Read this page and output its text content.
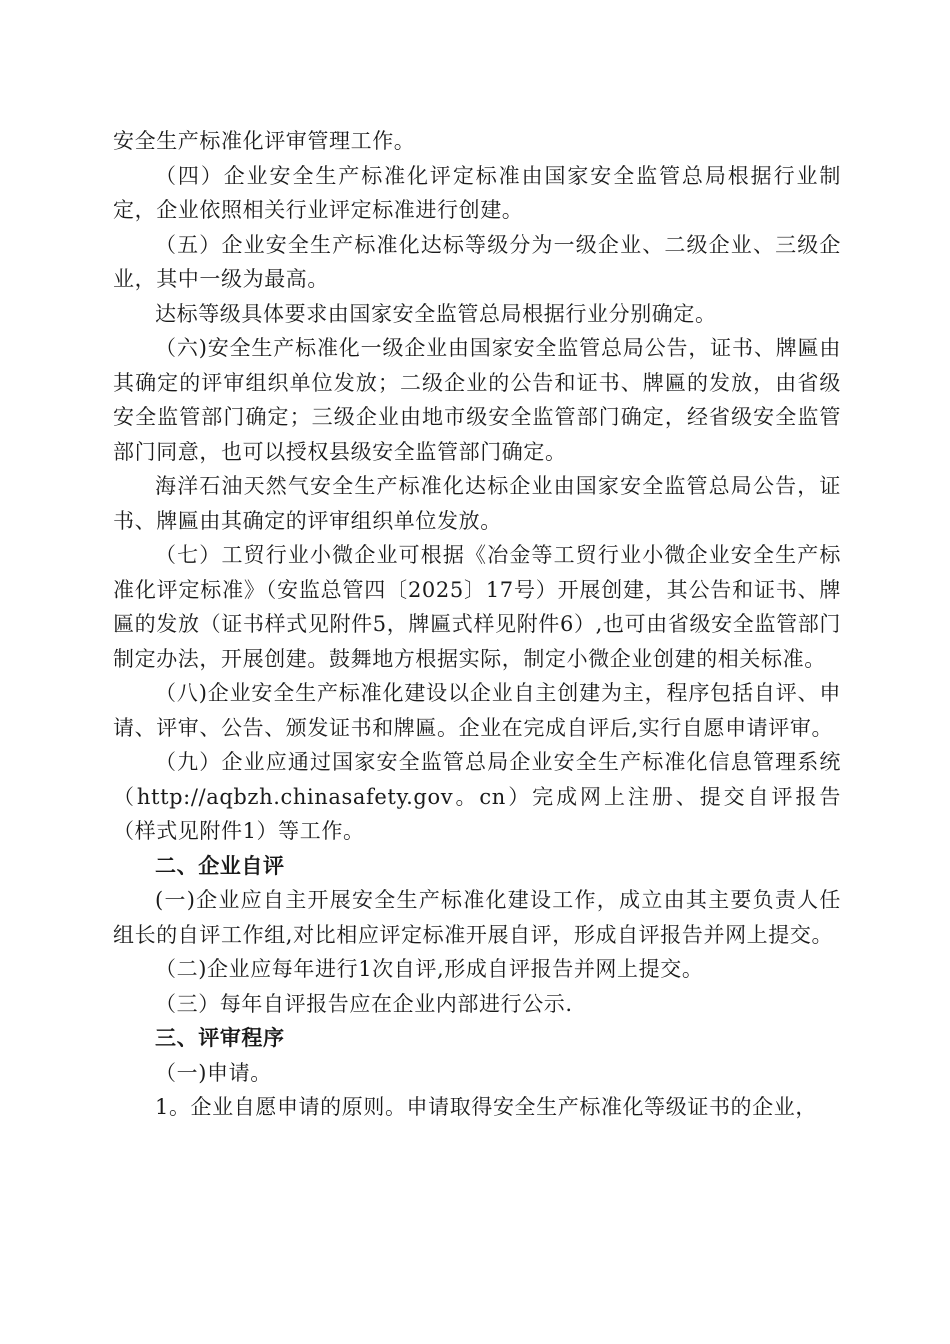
安全生产标准化评审管理工作。

（四）企业安全生产标准化评定标准由国家安全监管总局根据行业制定，企业依照相关行业评定标准进行创建。

（五）企业安全生产标准化达标等级分为一级企业、二级企业、三级企业，其中一级为最高。

达标等级具体要求由国家安全监管总局根据行业分别确定。

（六)安全生产标准化一级企业由国家安全监管总局公告，证书、牌匾由其确定的评审组织单位发放；二级企业的公告和证书、牌匾的发放，由省级安全监管部门确定；三级企业由地市级安全监管部门确定，经省级安全监管部门同意，也可以授权县级安全监管部门确定。

海洋石油天然气安全生产标准化达标企业由国家安全监管总局公告，证书、牌匾由其确定的评审组织单位发放。

（七）工贸行业小微企业可根据《冶金等工贸行业小微企业安全生产标准化评定标准》（安监总管四〔2025〕17号）开展创建，其公告和证书、牌匾的发放（证书样式见附件5，牌匾式样见附件6）,也可由省级安全监管部门制定办法，开展创建。鼓舞地方根据实际，制定小微企业创建的相关标准。

（八)企业安全生产标准化建设以企业自主创建为主，程序包括自评、申请、评审、公告、颁发证书和牌匾。企业在完成自评后,实行自愿申请评审。

（九）企业应通过国家安全监管总局企业安全生产标准化信息管理系统（http://aqbzh.chinasafety.gov。cn）完成网上注册、提交自评报告（样式见附件1）等工作。

二、企业自评

(一)企业应自主开展安全生产标准化建设工作，成立由其主要负责人任组长的自评工作组,对比相应评定标准开展自评，形成自评报告并网上提交。

（二)企业应每年进行1次自评,形成自评报告并网上提交。

（三）每年自评报告应在企业内部进行公示.

三、评审程序

（一)申请。

1。企业自愿申请的原则。申请取得安全生产标准化等级证书的企业，
